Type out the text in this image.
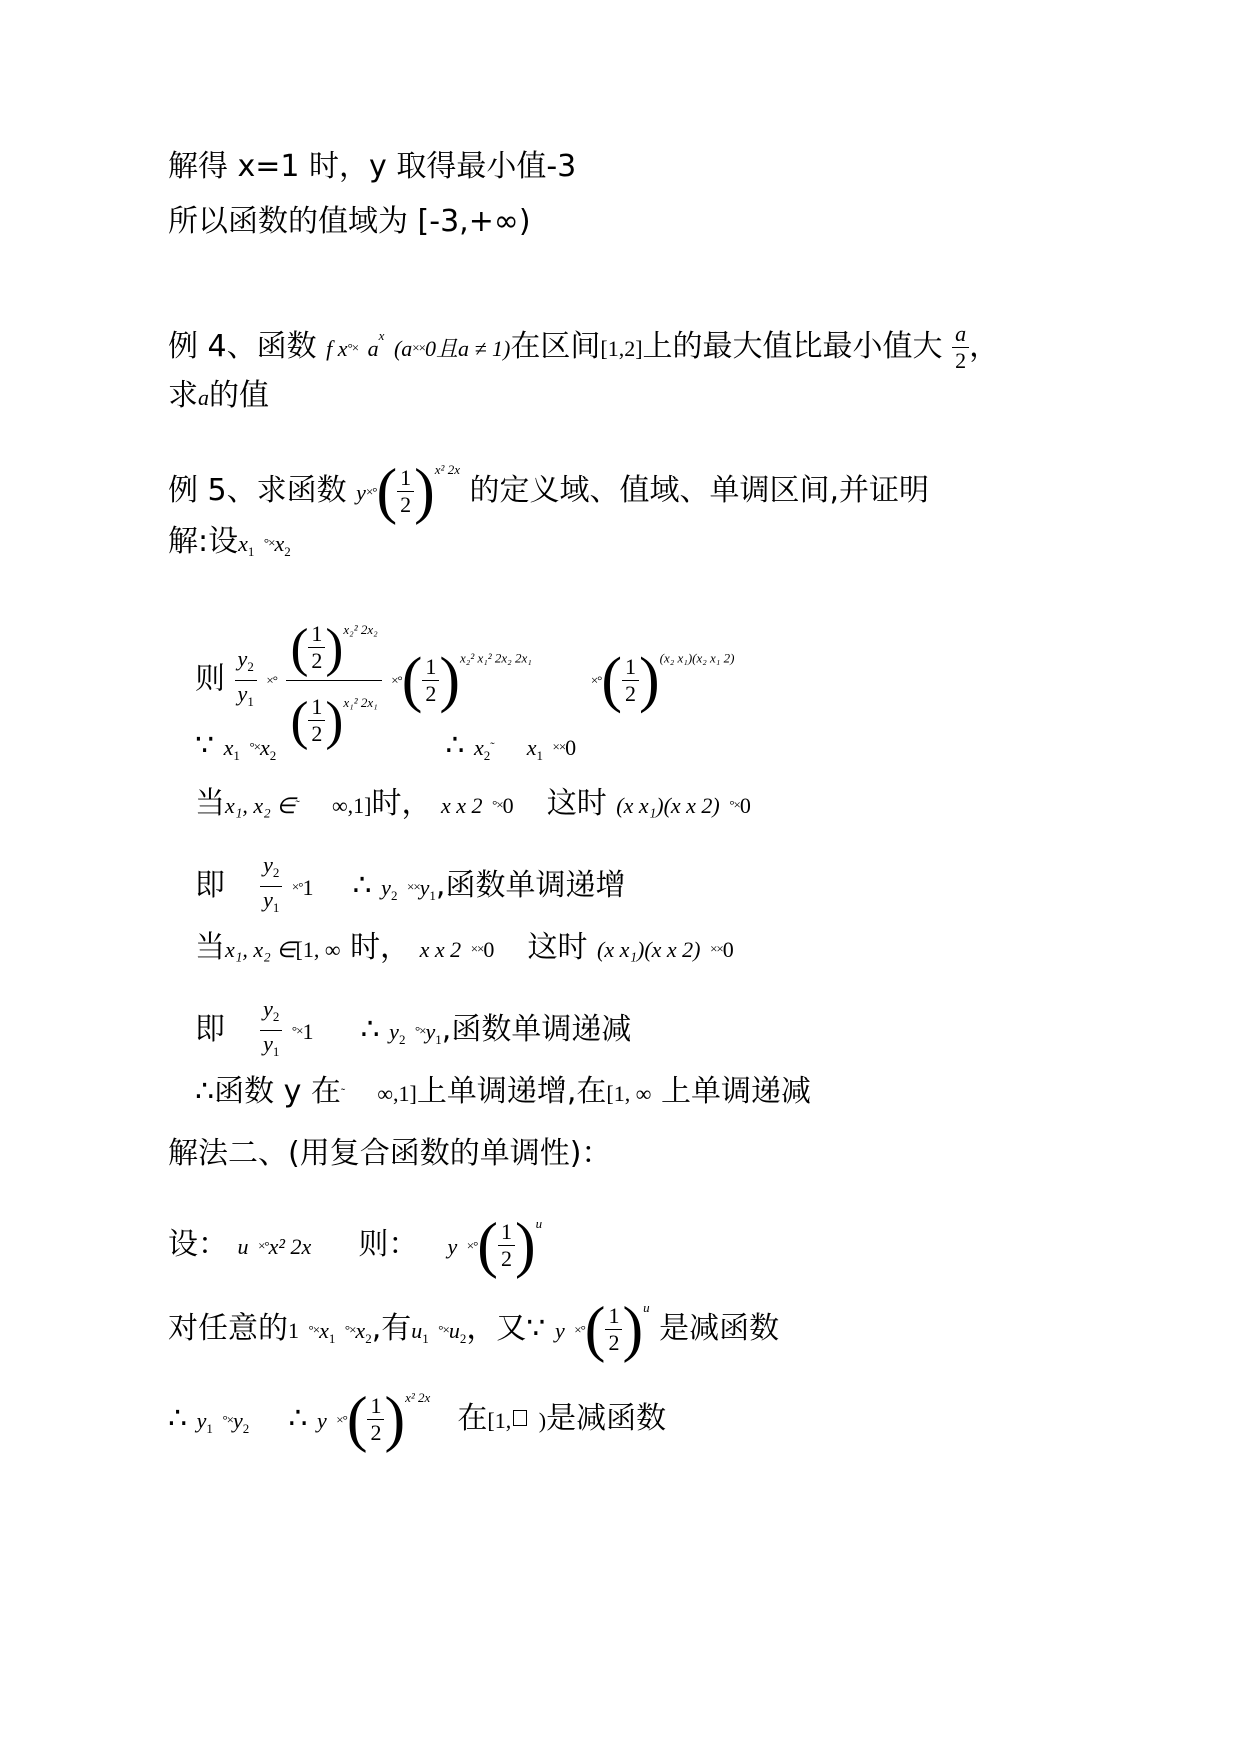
解得 x=1 时，y 取得最小值-3
所以函数的值域为 [-3,+∞)
例 4、函数 f $x^\circ\times a^x$ (a××0且a ≠ 1)在区间[1,2]上的最大值比最小值大 $\frac{a}{2}$ ，
求a的值
例 5、求函数 $y\times^\circ( \frac{1}{2} )^{x^2 2x}$ 的定义域、值域、单调区间,并证明
解:设$x_1$ $^\circ\times x_2$
则 $\frac{y_2}{y_1}$ ×° $\frac{( \frac{1}{2} )^{x_2^2 2x_2}}{( \frac{1}{2} )^{x_1^2 2x_1}}$ ×°( $\frac{1}{2} )^{x_2^2 x_1^2 2x_2 2x_1}$  ×°( $\frac{1}{2} )^{(x_2 x_1)(x_2 x_1 2)}$
∵ $x_1$ $^\circ\times x_2$	∴ $x_2˜$ $x_1 \times\times 0$
当x₁, x₂ ∈˜ ∞,1]时， x x 2 °×0 这时 (x x₁)(x x 2) °×0
即 $\frac{y_2}{y_1} \times^\circ 1$ ∴ $y_2 \times\times y_1$,函数单调递增
当x₁, x₂ ∈[1, ∞ 时， x x 2 ××0 这时 (x x₁)(x x 2) ××0
即 $\frac{y_2}{y_1} ^\circ\times 1$ ∴ $y_2$ $^\circ\times y_1$,函数单调递减
∴函数 y 在˜ ∞,1]上单调递增,在[1, ∞ 上单调递减
解法二、(用复合函数的单调性)：
设： u ×°x² 2x 则： y ×°( $\frac{1}{2} )^u$
对任意的1 $^\circ\times x_1$ $^\circ\times x_2$,有$u_1$ $^\circ\times u_2$，又∵ y ×°( $\frac{1}{2} )^u$ 是减函数
∴ $y_1$ $^\circ\times y_2$ ∴ y ×°( $\frac{1}{2} )^{x^2 2x}$  在[1, )是减函数
